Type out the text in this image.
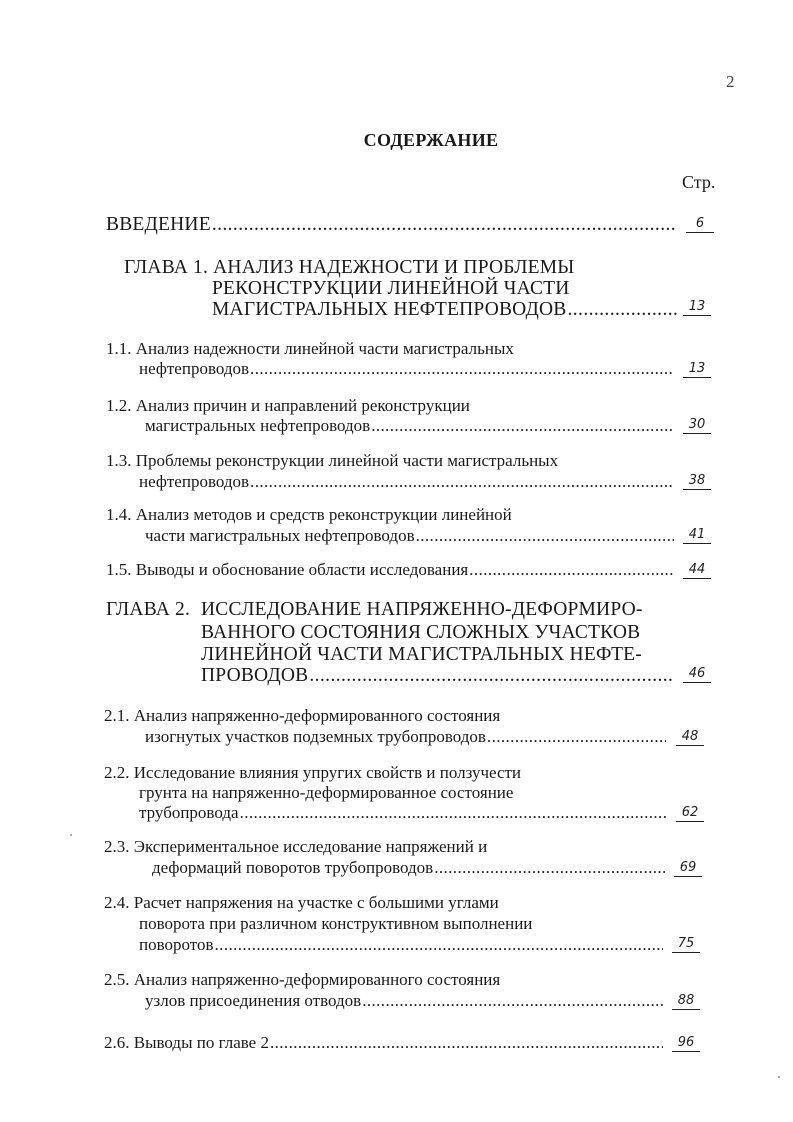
2
СОДЕРЖАНИЕ
Стр.
ВВЕДЕНИЕ .....	6
ГЛАВА 1. АНАЛИЗ НАДЕЖНОСТИ И ПРОБЛЕМЫ
РЕКОНСТРУКЦИИ ЛИНЕЙНОЙ ЧАСТИ
МАГИСТРАЛЬНЫХ НЕФТЕПРОВОДОВ .....	13
1.1. Анализ надежности линейной части магистральных
нефтепроводов .....	13
1.2. Анализ причин и направлений реконструкции
магистральных нефтепроводов .....	30
1.3. Проблемы реконструкции линейной части магистральных
нефтепроводов .....	38
1.4. Анализ методов и средств реконструкции линейной
части магистральных нефтепроводов .....	41
1.5. Выводы и обоснование области исследования .....	44
ГЛАВА 2. ИССЛЕДОВАНИЕ НАПРЯЖЕННО-ДЕФОРМИРО-
ВАННОГО СОСТОЯНИЯ СЛОЖНЫХ УЧАСТКОВ
ЛИНЕЙНОЙ ЧАСТИ МАГИСТРАЛЬНЫХ НЕФТЕ-
ПРОВОДОВ .....	46
2.1. Анализ напряженно-деформированного состояния
изогнутых участков подземных трубопроводов .....	48
2.2. Исследование влияния упругих свойств и ползучести
грунта на напряженно-деформированное состояние
трубопровода .....	62
2.3. Экспериментальное исследование напряжений и
деформаций поворотов трубопроводов .....	69
2.4. Расчет напряжения на участке с большими углами
поворота при различном конструктивном выполнении
поворотов .....	75
2.5. Анализ напряженно-деформированного состояния
узлов присоединения отводов .....	88
2.6. Выводы по главе 2 .....	96
